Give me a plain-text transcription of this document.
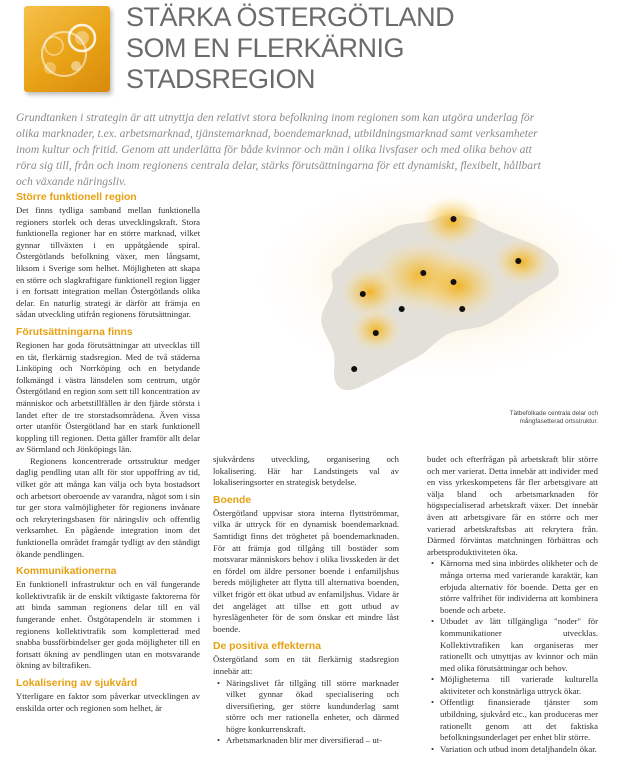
STÄRKA ÖSTERGÖTLAND
SOM EN FLERKÄRNIG
STADSREGION

Grundtanken i strategin är att utnyttja den relativt stora befolkning inom regionen som kan utgöra underlag för olika marknader, t.ex. arbetsmarknad, tjänstemarknad, boendemarknad, utbildningsmarknad samt verksamheter inom kultur och fritid. Genom att underlätta för både kvinnor och män i olika livsfaser och med olika behov att röra sig till, från och inom regionens centrala delar, stärks förutsättningarna för ett dynamiskt, flexibelt, hållbart och växande näringsliv.

Tätbefolkade centrala delar och mångfasetterad ortsstruktur.

Större funktionell region

Det finns tydliga samband mellan funktionella regioners storlek och deras utvecklingskraft. Stora funktionella regioner har en större marknad, vilket gynnar tillväxten i en uppåtgående spiral. Östergötlands befolkning växer, men långsamt, liksom i Sverige som helhet. Möjligheten att skapa en större och slagkraftigare funktionell region ligger i en fortsatt integration mellan Östergötlands olika delar. En naturlig strategi är därför att främja en sådan utveckling utifrån regionens förutsättningar.

Förutsättningarna finns

Regionen har goda förutsättningar att utvecklas till en tät, flerkärnig stadsregion. Med de två städerna Linköping och Norrköping och en betydande folkmängd i västra länsdelen som centrum, utgör Östergötland en region som sett till koncentration av människor och arbetstillfällen är den fjärde största i landet efter de tre storstadsområdena. Även vissa orter utanför Östergötland har en stark funktionell koppling till regionen. Detta gäller framför allt delar av Sörmland och Jönköpings län.

Regionens koncentrerade ortsstruktur medger daglig pendling utan allt för stor uppoffring av tid, vilket gör att många kan välja och byta bostadsort och arbetsort oberoende av varandra, något som i sin tur ger stora valmöjligheter för regionens invånare och rekryteringsbasen för näringsliv och offentlig verksamhet. En pågående integration inom det funktionella området framgår tydligt av den ständigt ökande pendlingen.

Kommunikationerna

En funktionell infrastruktur och en väl fungerande kollektivtrafik är de enskilt viktigaste faktorerna för att binda samman regionens delar till en väl fungerande enhet. Östgötapendeln är stommen i regionens kollektivtrafik som kompletterad med snabba bussförbindelser ger goda möjligheter till en fortsatt ökning av pendlingen utan en motsvarande ökning av biltrafiken.

Lokalisering av sjukvård

Ytterligare en faktor som påverkar utvecklingen av enskilda orter och regionen som helhet, är

sjukvårdens utveckling, organisering och lokalisering. Här har Landstingets val av lokaliseringsorter en strategisk betydelse.

Boende

Östergötland uppvisar stora interna flyttströmmar, vilka är uttryck för en dynamisk boendemarknad. Samtidigt finns det tröghetet på boendemarknaden. För att främja god tillgång till bostäder som motsvarar människors behov i olika livsskeden är det en fördel om äldre personer boende i enfamiljshus bereds möjligheter att flytta till alternativa boenden, vilket frigör ett ökat utbud av enfamiljshus. Vidare är det angeläget att tillse ett gott utbud av hyreslägenheter för de som önskar ett mindre låst boende.

De positiva effekterna

Östergötland som en tät flerkärnig stadsregion innebär att:

• Näringslivet får tillgång till större marknader vilket gynnar ökad specialisering och diversifiering, ger större kundunderlag samt större och mer rationella enheter, och därmed högre konkurrenskraft.
• Arbetsmarknaden blir mer diversifierad – ut-

budet och efterfrågan på arbetskraft blir större och mer varierat. Detta innebär att individer med en viss yrkeskompetens får fler arbetsgivare att välja bland och arbetsmarknaden för högspecialiserad arbetskraft växer. Det innebär även att arbetsgivare får en större och mer varierad arbetskraftsbas att rekrytera från. Därmed förväntas matchningen förbättras och arbetsproduktiviteten öka.

• Kärnorna med sina inbördes olikheter och de många orterna med varierande karaktär, kan erbjuda alternativ för boende. Detta ger en större valfrihet för individerna att kombinera boende och arbete.
• Utbudet av lätt tillgängliga "noder" för kommunikationer utvecklas. Kollektivtrafiken kan organiseras mer rationellt och utnyttjas av kvinnor och män med olika förutsättningar och behov.
• Möjligheterna till varierade kulturella aktiviteter och konstnärliga uttryck ökar.
• Offentligt finansierade tjänster som utbildning, sjukvård etc., kan produceras mer rationellt genom att det faktiska befolkningsunderlaget per enhet blir större.
• Variation och utbud inom detaljhandeln ökar.
